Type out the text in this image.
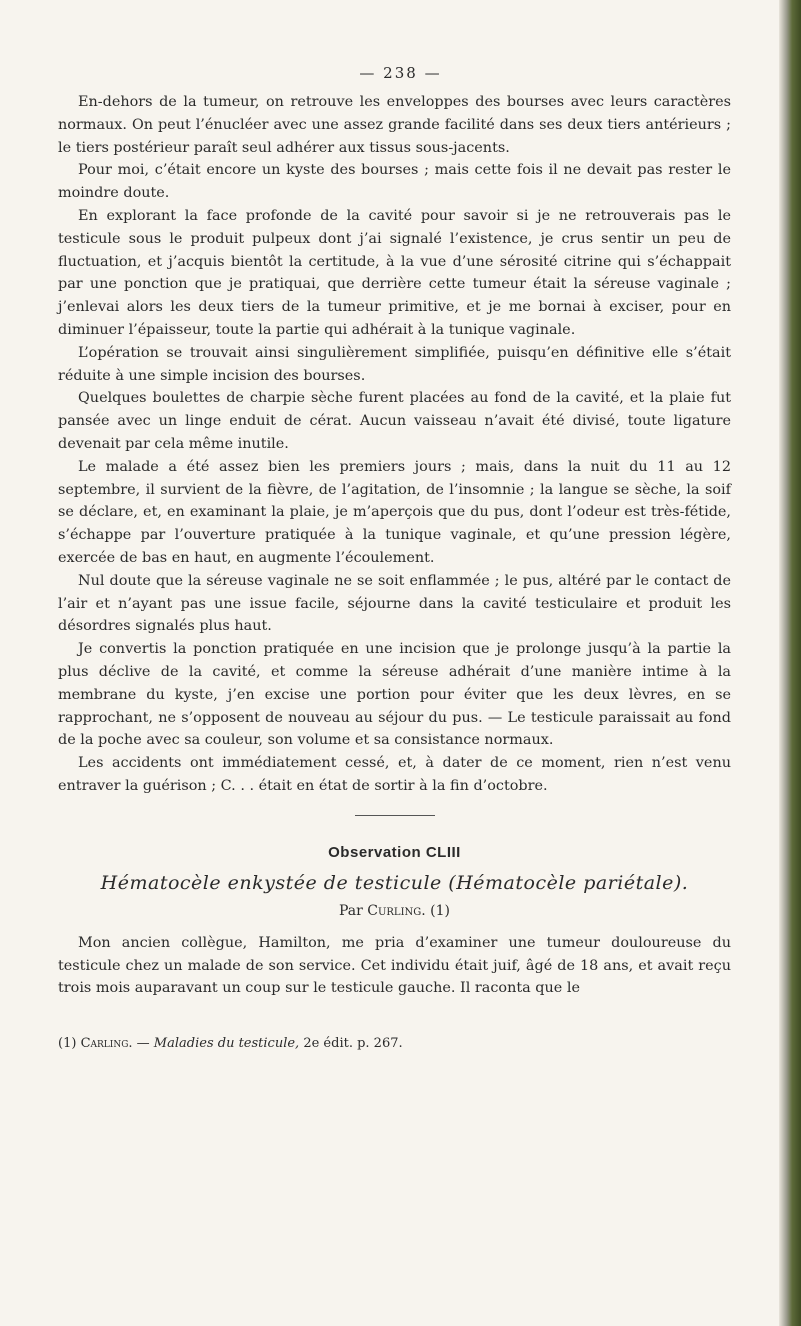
— 238 —

En-dehors de la tumeur, on retrouve les enveloppes des bourses avec leurs caractères normaux. On peut l’énucléer avec une assez grande facilité dans ses deux tiers antérieurs ; le tiers postérieur paraît seul adhérer aux tissus sous-jacents.

Pour moi, c’était encore un kyste des bourses ; mais cette fois il ne devait pas rester le moindre doute.

En explorant la face profonde de la cavité pour savoir si je ne retrouverais pas le testicule sous le produit pulpeux dont j’ai signalé l’existence, je crus sentir un peu de fluctuation, et j’acquis bientôt la certitude, à la vue d’une sérosité citrine qui s’échappait par une ponction que je pratiquai, que derrière cette tumeur était la séreuse vaginale ; j’enlevai alors les deux tiers de la tumeur primitive, et je me bornai à exciser, pour en diminuer l’épaisseur, toute la partie qui adhérait à la tunique vaginale.

L’opération se trouvait ainsi singulièrement simplifiée, puisqu’en définitive elle s’était réduite à une simple incision des bourses.

Quelques boulettes de charpie sèche furent placées au fond de la cavité, et la plaie fut pansée avec un linge enduit de cérat. Aucun vaisseau n’avait été divisé, toute ligature devenait par cela même inutile.

Le malade a été assez bien les premiers jours ; mais, dans la nuit du 11 au 12 septembre, il survient de la fièvre, de l’agitation, de l’insomnie ; la langue se sèche, la soif se déclare, et, en examinant la plaie, je m’aperçois que du pus, dont l’odeur est très-fétide, s’échappe par l’ouverture pratiquée à la tunique vaginale, et qu’une pression légère, exercée de bas en haut, en augmente l’écoulement.

Nul doute que la séreuse vaginale ne se soit enflammée ; le pus, altéré par le contact de l’air et n’ayant pas une issue facile, séjourne dans la cavité testiculaire et produit les désordres signalés plus haut.

Je convertis la ponction pratiquée en une incision que je prolonge jusqu’à la partie la plus déclive de la cavité, et comme la séreuse adhérait d’une manière intime à la membrane du kyste, j’en excise une portion pour éviter que les deux lèvres, en se rapprochant, ne s’opposent de nouveau au séjour du pus. — Le testicule paraissait au fond de la poche avec sa couleur, son volume et sa consistance normaux.

Les accidents ont immédiatement cessé, et, à dater de ce moment, rien n’est venu entraver la guérison ; C. . . était en état de sortir à la fin d’octobre.

Observation CLIII
Hématocèle enkystée de testicule (Hématocèle pariétale).
Par Curling. (1)

Mon ancien collègue, Hamilton, me pria d’examiner une tumeur douloureuse du testicule chez un malade de son service. Cet individu était juif, âgé de 18 ans, et avait reçu trois mois auparavant un coup sur le testicule gauche. Il raconta que le

(1) Carling. — Maladies du testicule, 2e édit. p. 267.
